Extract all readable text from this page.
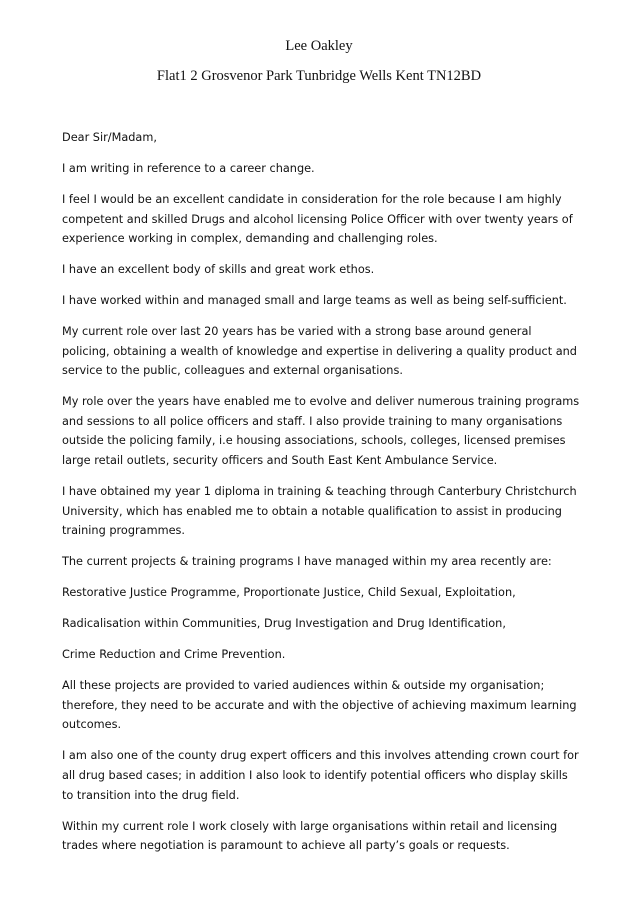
Lee Oakley
Flat1 2 Grosvenor Park Tunbridge Wells Kent TN12BD

Dear Sir/Madam,

I am writing in reference to a career change.

I feel I would be an excellent candidate in consideration for the role because I am highly
competent and skilled Drugs and alcohol licensing Police Officer with over twenty years of
experience working in complex, demanding and challenging roles.

I have an excellent body of skills and great work ethos.

I have worked within and managed small and large teams as well as being self-sufficient.

My current role over last 20 years has be varied with a strong base around general
policing, obtaining a wealth of knowledge and expertise in delivering a quality product and
service to the public, colleagues and external organisations.

My role over the years have enabled me to evolve and deliver numerous training programs
and sessions to all police officers and staff. I also provide training to many organisations
outside the policing family, i.e housing associations, schools, colleges, licensed premises
large retail outlets, security officers and South East Kent Ambulance Service.

I have obtained my year 1 diploma in training & teaching through Canterbury Christchurch
University, which has enabled me to obtain a notable qualification to assist in producing
training programmes.

The current projects & training programs I have managed within my area recently are:

Restorative Justice Programme, Proportionate Justice, Child Sexual, Exploitation,

Radicalisation within Communities, Drug Investigation and Drug Identification,

Crime Reduction and Crime Prevention.

All these projects are provided to varied audiences within & outside my organisation;
therefore, they need to be accurate and with the objective of achieving maximum learning
outcomes.

I am also one of the county drug expert officers and this involves attending crown court for
all drug based cases; in addition I also look to identify potential officers who display skills
to transition into the drug field.

Within my current role I work closely with large organisations within retail and licensing
trades where negotiation is paramount to achieve all party’s goals or requests.
